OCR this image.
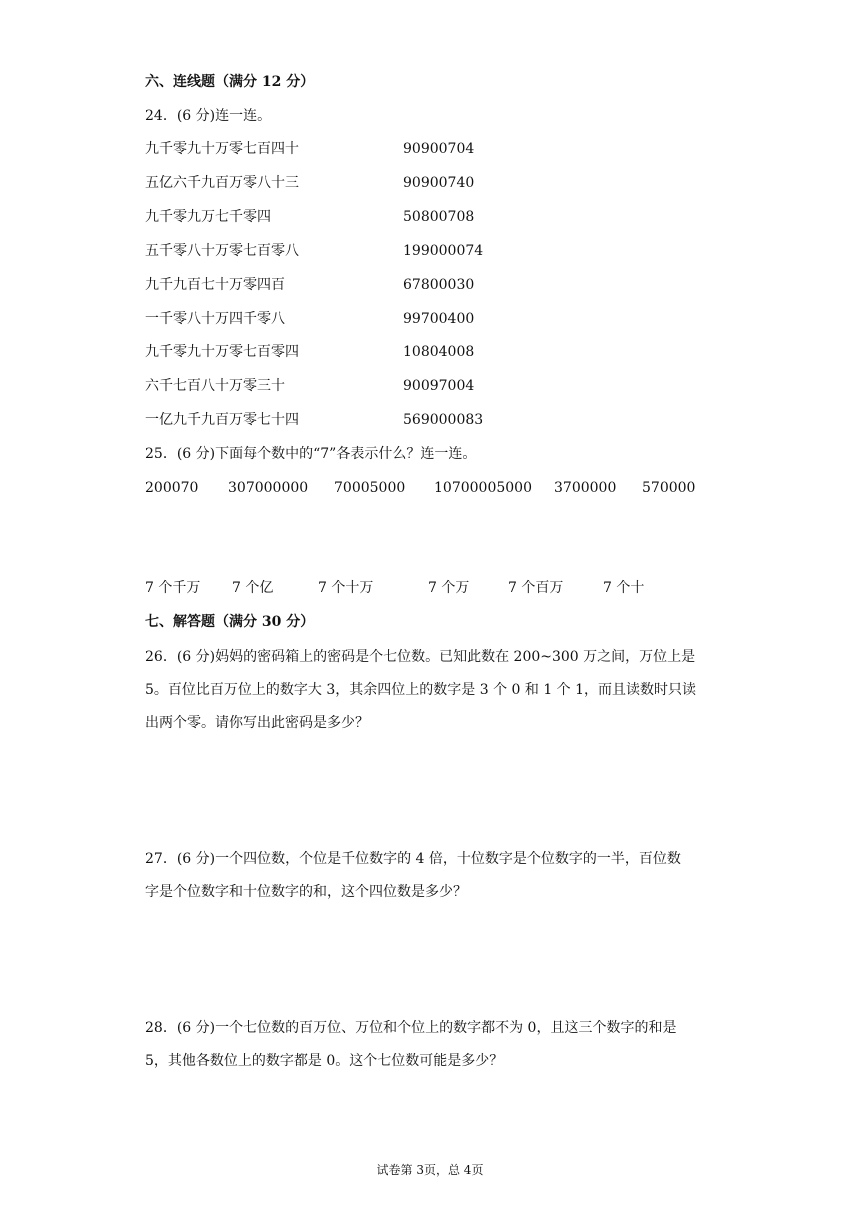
六、连线题（满分 12 分）
24．(6 分)连一连。
九千零九十万零七百四十	90900704
五亿六千九百万零八十三	90900740
九千零九万七千零四	50800708
五千零八十万零七百零八	199000074
九千九百七十万零四百	67800030
一千零八十万四千零八	99700400
九千零九十万零七百零四	10804008
六千七百八十万零三十	90097004
一亿九千九百万零七十四	569000083
25．(6 分)下面每个数中的“7”各表示什么？连一连。
200070 307000000 70005000 10700005000 3700000 570000
7 个千万 7 个亿	7 个十万	7 个万	7 个百万	7 个十
七、解答题（满分 30 分）
26．(6 分)妈妈的密码箱上的密码是个七位数。已知此数在 200~300 万之间，万位上是
5。百位比百万位上的数字大 3，其余四位上的数字是 3 个 0 和 1 个 1，而且读数时只读
出两个零。请你写出此密码是多少？
27．(6 分)一个四位数，个位是千位数字的 4 倍，十位数字是个位数字的一半，百位数
字是个位数字和十位数字的和，这个四位数是多少？
28．(6 分)一个七位数的百万位、万位和个位上的数字都不为 0，且这三个数字的和是
5，其他各数位上的数字都是 0。这个七位数可能是多少？
试卷第 3页，总 4页
